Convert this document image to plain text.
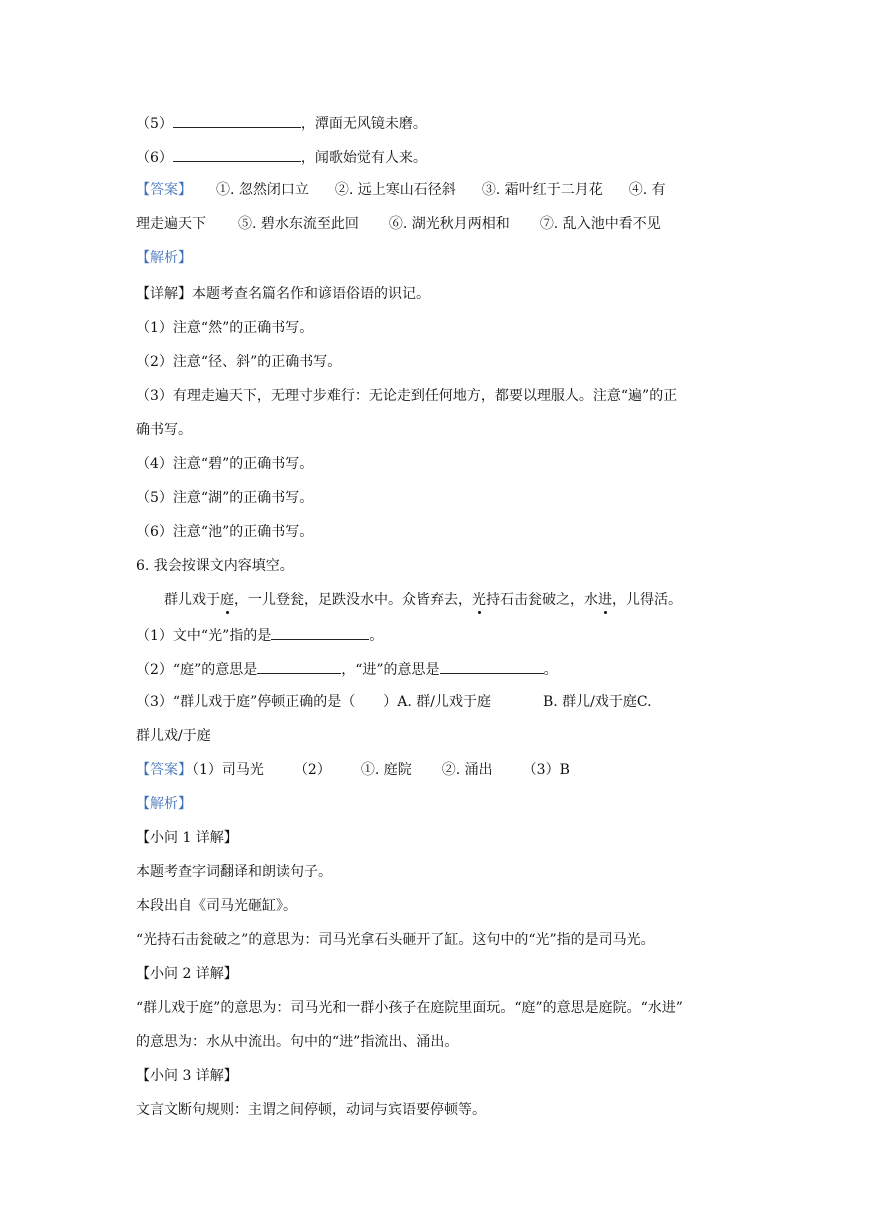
（5）	，潭面无风镜未磨。
（6）	，闻歌始觉有人来。
【答案】 ①. 忽然闭口立 ②. 远上寒山石径斜 ③. 霜叶红于二月花 ④. 有
理走遍天下 ⑤. 碧水东流至此回 ⑥. 湖光秋月两相和 ⑦. 乱入池中看不见
【解析】
【详解】本题考查名篇名作和谚语俗语的识记。
（1）注意“然”的正确书写。
（2）注意“径、斜”的正确书写。
（3）有理走遍天下，无理寸步难行：无论走到任何地方，都要以理服人。注意“遍”的正
确书写。
（4）注意“碧”的正确书写。
（5）注意“湖”的正确书写。
（6）注意“池”的正确书写。
6. 我会按课文内容填空。
群儿戏于庭，一儿登瓮，足跌没水中。众皆弃去，光持石击瓮破之，水进，儿得活。
（1）文中“光”指的是	。
（2）“庭”的意思是	，“进”的意思是	。
（3）“群儿戏于庭”停顿正确的是（　　）A. 群/儿戏于庭	B. 群儿/戏于庭C.
群儿戏/于庭
【答案】（1）司马光 （2） ①. 庭院 ②. 涌出 （3）B
【解析】
【小问 1 详解】
本题考查字词翻译和朗读句子。
本段出自《司马光砸缸》。
“光持石击瓮破之”的意思为：司马光拿石头砸开了缸。这句中的“光”指的是司马光。
【小问 2 详解】
“群儿戏于庭”的意思为：司马光和一群小孩子在庭院里面玩。“庭”的意思是庭院。“水进”
的意思为：水从中流出。句中的“进”指流出、涌出。
【小问 3 详解】
文言文断句规则：主谓之间停顿，动词与宾语要停顿等。
